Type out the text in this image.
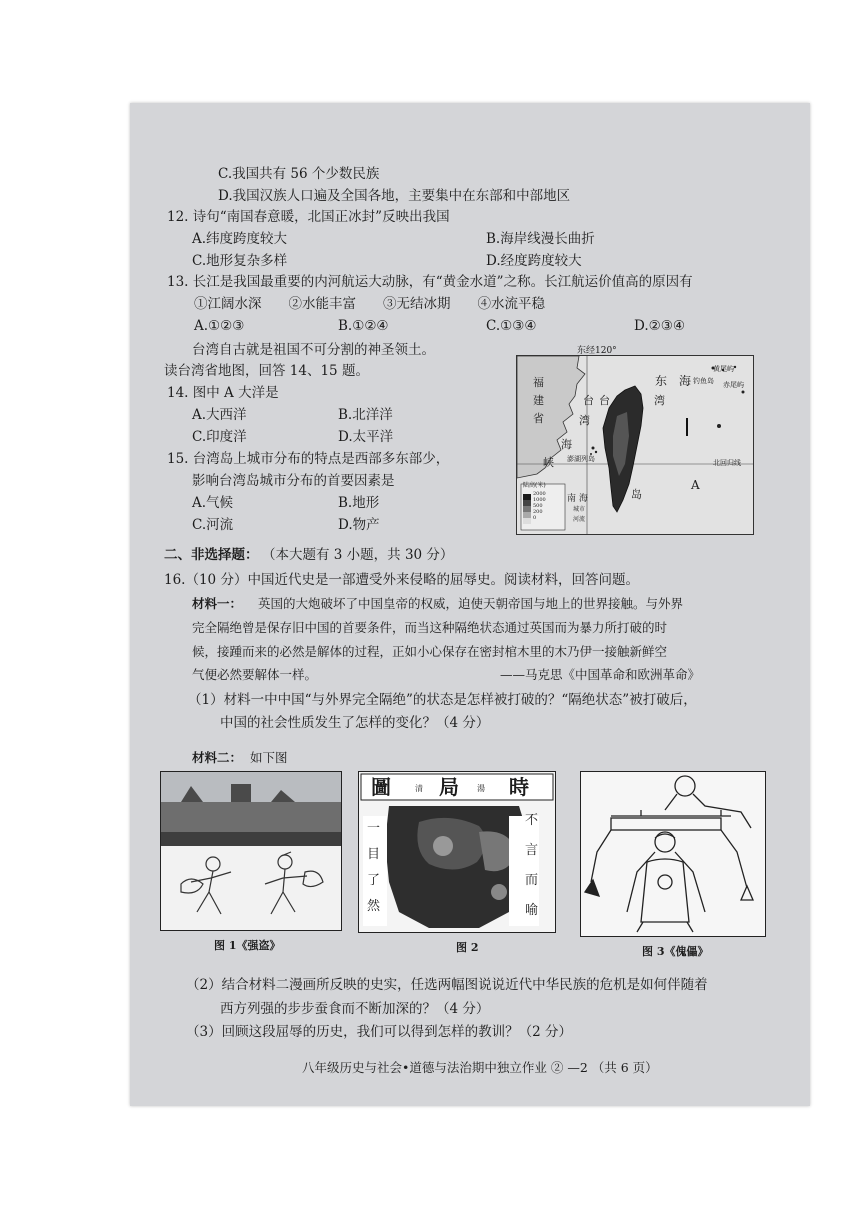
C.我国共有 56 个少数民族
D.我国汉族人口遍及全国各地，主要集中在东部和中部地区
12. 诗句“南国春意暖，北国正冰封”反映出我国
A.纬度跨度较大	B.海岸线漫长曲折
C.地形复杂多样	D.经度跨度较大
13. 长江是我国最重要的内河航运大动脉，有“黄金水道”之称。长江航运价值高的原因有
①江阔水深　　②水能丰富　　③无结冰期　　④水流平稳
A.①②③	B.①②④	C.①③④	D.②③④
台湾自古就是祖国不可分割的神圣领土。
读台湾省地图，回答 14、15 题。
14. 图中 A 大洋是
A.大西洋	B.北洋洋
C.印度洋	D.太平洋
15. 台湾岛上城市分布的特点是西部多东部少，
影响台湾岛城市分布的首要因素是
A.气候	B.地形
C.河流	D.物产
东经120°
福
建
省
台
湾
海
峡
东　海 钓鱼岛
黄尾屿
赤尾屿
澎湖列岛
台　　　　湾
北回归线
南 海	岛
A
陆高(米)
2000
1000
500
200
0
城市
河流
二、非选择题： （本大题有 3 小题，共 30 分）
16.（10 分）中国近代史是一部遭受外来侵略的屈辱史。阅读材料，回答问题。
材料一： 英国的大炮破坏了中国皇帝的权威，迫使天朝帝国与地上的世界接触。与外界
完全隔绝曾是保存旧中国的首要条件，而当这种隔绝状态通过英国而为暴力所打破的时
候，接踵而来的必然是解体的过程，正如小心保存在密封棺木里的木乃伊一接触新鲜空
气便必然要解体一样。	——马克思《中国革命和欧洲革命》
（1）材料一中中国“与外界完全隔绝”的状态是怎样被打破的？“隔绝状态”被打破后，
中国的社会性质发生了怎样的变化？（4 分）
材料二： 如下图
图 1《强盗》
圖	清 局 湯 時
一
目
了
然
不
言
而
喻
图 2	图 3《傀儡》
（2）结合材料二漫画所反映的史实，任选两幅图说说近代中华民族的危机是如何伴随着
西方列强的步步蚕食而不断加深的？（4 分）
（3）回顾这段屈辱的历史，我们可以得到怎样的教训？（2 分）
八年级历史与社会•道德与法治期中独立作业 ② —2 （共 6 页）
